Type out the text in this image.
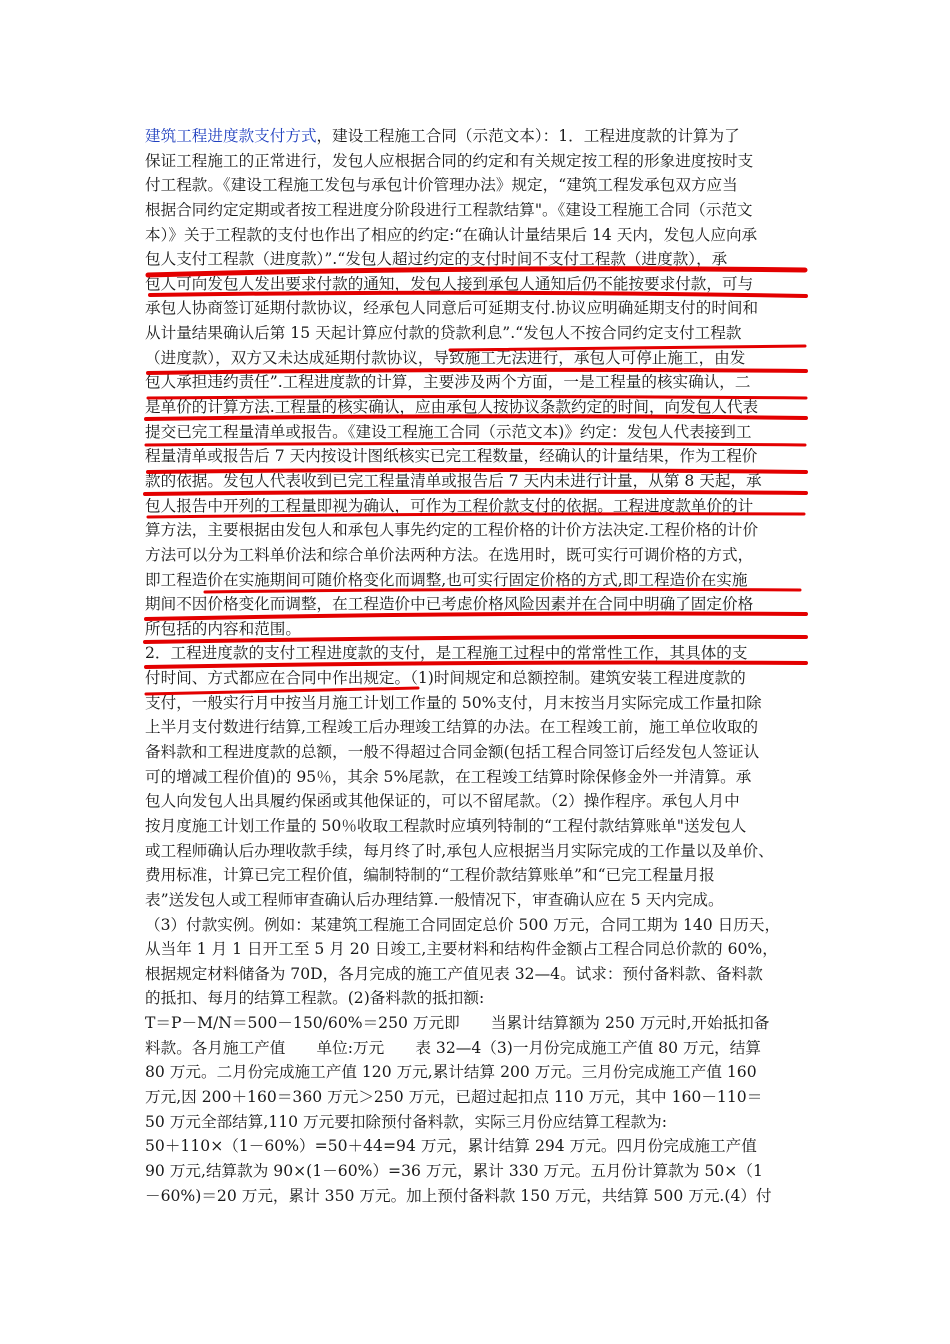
建筑工程进度款支付方式，建设工程施工合同（示范文本）：1．工程进度款的计算为了
保证工程施工的正常进行，发包人应根据合同的约定和有关规定按工程的形象进度按时支
付工程款。《建设工程施工发包与承包计价管理办法》规定，“建筑工程发承包双方应当
根据合同约定定期或者按工程进度分阶段进行工程款结算"。《建设工程施工合同（示范文
本）》关于工程款的支付也作出了相应的约定:“在确认计量结果后 14 天内，发包人应向承
包人支付工程款（进度款）”.“发包人超过约定的支付时间不支付工程款（进度款），承
包人可向发包人发出要求付款的通知，发包人接到承包人通知后仍不能按要求付款，可与
承包人协商签订延期付款协议，经承包人同意后可延期支付.协议应明确延期支付的时间和
从计量结果确认后第 15 天起计算应付款的贷款利息”.“发包人不按合同约定支付工程款
（进度款），双方又未达成延期付款协议，导致施工无法进行，承包人可停止施工，由发
包人承担违约责任”.工程进度款的计算，主要涉及两个方面，一是工程量的核实确认，二
是单价的计算方法.工程量的核实确认，应由承包人按协议条款约定的时间，向发包人代表
提交已完工程量清单或报告。《建设工程施工合同（示范文本)》约定：发包人代表接到工
程量清单或报告后 7 天内按设计图纸核实已完工程数量，经确认的计量结果，作为工程价
款的依据。发包人代表收到已完工程量清单或报告后 7 天内未进行计量，从第 8 天起，承
包人报告中开列的工程量即视为确认，可作为工程价款支付的依据。工程进度款单价的计
算方法，主要根据由发包人和承包人事先约定的工程价格的计价方法决定.工程价格的计价
方法可以分为工料单价法和综合单价法两种方法。在选用时，既可实行可调价格的方式，
即工程造价在实施期间可随价格变化而调整,也可实行固定价格的方式,即工程造价在实施
期间不因价格变化而调整，在工程造价中已考虑价格风险因素并在合同中明确了固定价格
所包括的内容和范围。
2．工程进度款的支付工程进度款的支付，是工程施工过程中的常常性工作，其具体的支
付时间、方式都应在合同中作出规定。（1)时间规定和总额控制。建筑安装工程进度款的
支付，一般实行月中按当月施工计划工作量的 50%支付，月末按当月实际完成工作量扣除
上半月支付数进行结算,工程竣工后办理竣工结算的办法。在工程竣工前，施工单位收取的
备料款和工程进度款的总额，一般不得超过合同金额(包括工程合同签订后经发包人签证认
可的增减工程价值)的 95％，其余 5%尾款，在工程竣工结算时除保修金外一并清算。承
包人向发包人出具履约保函或其他保证的，可以不留尾款。（2）操作程序。承包人月中
按月度施工计划工作量的 50％收取工程款时应填列特制的“工程付款结算账单"送发包人
或工程师确认后办理收款手续，每月终了时,承包人应根据当月实际完成的工作量以及单价、
费用标准，计算已完工程价值，编制特制的“工程价款结算账单”和“已完工程量月报
表”送发包人或工程师审查确认后办理结算.一般情况下，审查确认应在 5 天内完成。
（3）付款实例。例如：某建筑工程施工合同固定总价 500 万元，合同工期为 140 日历天，
从当年 1 月 1 日开工至 5 月 20 日竣工,主要材料和结构件金额占工程合同总价款的 60%，
根据规定材料储备为 70D，各月完成的施工产值见表 32—4。试求：预付备料款、备料款
的抵扣、每月的结算工程款。(2)备料款的抵扣额:
T＝P－M/N＝500－150/60%＝250 万元即　　当累计结算额为 250 万元时,开始抵扣备
料款。各月施工产值　　单位:万元　　表 32—4（3)一月份完成施工产值 80 万元，结算
80 万元。二月份完成施工产值 120 万元,累计结算 200 万元。三月份完成施工产值 160
万元,因 200＋160＝360 万元＞250 万元，已超过起扣点 110 万元，其中 160－110＝
50 万元全部结算,110 万元要扣除预付备料款，实际三月份应结算工程款为:
50＋110×（1－60%）=50＋44=94 万元，累计结算 294 万元。四月份完成施工产值
90 万元,结算款为 90×(1－60%）=36 万元，累计 330 万元。五月份计算款为 50×（1
－60%)＝20 万元，累计 350 万元。加上预付备料款 150 万元，共结算 500 万元.(4）付
